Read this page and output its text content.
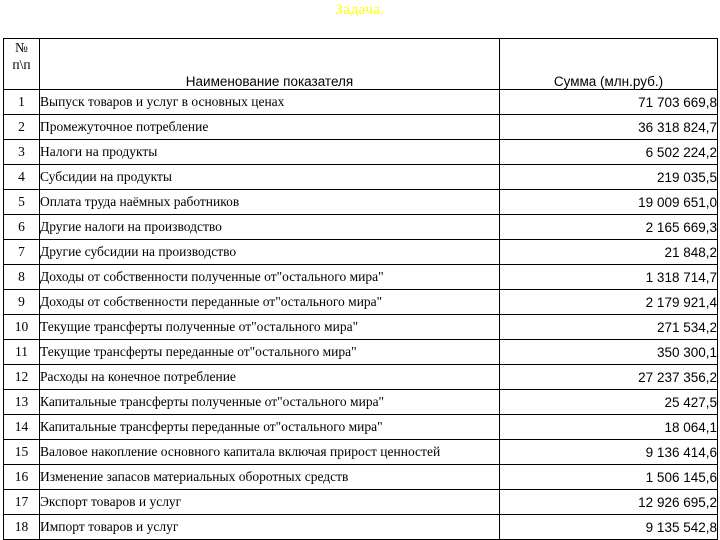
Задача.
№
п\п	Наименование показателя	Сумма (млн.руб.)
1	Выпуск товаров и услуг в основных ценах	71 703 669,8
2	Промежуточное потребление	36 318 824,7
3	Налоги на продукты	6 502 224,2
4	Субсидии на продукты	219 035,5
5	Оплата труда наёмных работников	19 009 651,0
6	Другие налоги на производство	2 165 669,3
7	Другие субсидии на производство	21 848,2
8	Доходы от собственности полученные от"остального мира"	1 318 714,7
9	Доходы от собственности переданные от"остального мира"	2 179 921,4
10	Текущие трансферты полученные от"остального мира"	271 534,2
11	Текущие трансферты переданные от"остального мира"	350 300,1
12	Расходы на конечное потребление	27 237 356,2
13	Капитальные трансферты полученные от"остального мира"	25 427,5
14	Капитальные трансферты переданные от"остального мира"	18 064,1
15	Валовое накопление основного капитала включая прирост ценностей	9 136 414,6
16	Изменение запасов материальных оборотных средств	1 506 145,6
17	Экспорт товаров и услуг	12 926 695,2
18	Импорт товаров и услуг	9 135 542,8
